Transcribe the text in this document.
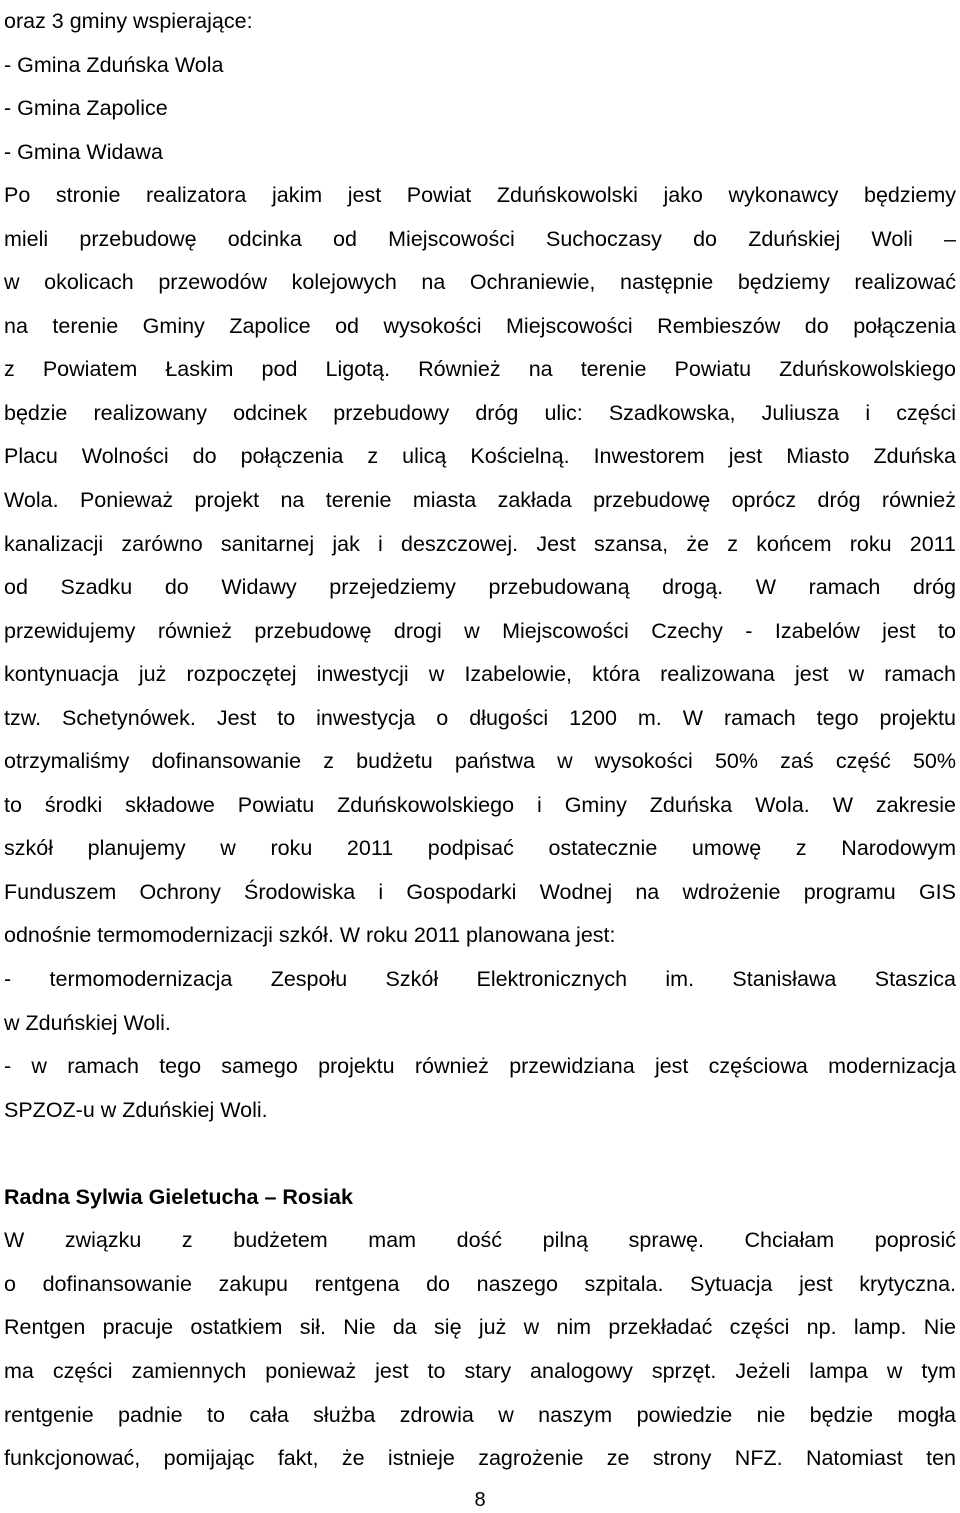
oraz 3 gminy wspierające:
- Gmina Zduńska Wola
- Gmina Zapolice
- Gmina Widawa
Po stronie realizatora jakim jest Powiat Zduńskowolski jako wykonawcy będziemy
mieli przebudowę odcinka od Miejscowości Suchoczasy do Zduńskiej Woli –
w okolicach przewodów kolejowych na Ochraniewie, następnie będziemy realizować
na terenie Gminy Zapolice od wysokości Miejscowości Rembieszów do połączenia
z Powiatem Łaskim pod Ligotą. Również na terenie Powiatu Zduńskowolskiego
będzie realizowany odcinek przebudowy dróg ulic: Szadkowska, Juliusza i części
Placu Wolności do połączenia z ulicą Kościelną. Inwestorem jest Miasto Zduńska
Wola. Ponieważ projekt na terenie miasta zakłada przebudowę oprócz dróg również
kanalizacji zarówno sanitarnej jak i deszczowej. Jest szansa, że z końcem roku 2011
od Szadku do Widawy przejedziemy przebudowaną drogą. W ramach dróg
przewidujemy również przebudowę drogi w Miejscowości Czechy - Izabelów jest to
kontynuacja już rozpoczętej inwestycji w Izabelowie, która realizowana jest w ramach
tzw. Schetynówek. Jest to inwestycja o długości 1200 m. W ramach tego projektu
otrzymaliśmy dofinansowanie z budżetu państwa w wysokości 50% zaś część 50%
to środki składowe Powiatu Zduńskowolskiego i Gminy Zduńska Wola. W zakresie
szkół planujemy w roku 2011 podpisać ostatecznie umowę z Narodowym
Funduszem Ochrony Środowiska i Gospodarki Wodnej na wdrożenie programu GIS
odnośnie termomodernizacji szkół. W roku 2011 planowana jest:
- termomodernizacja Zespołu Szkół Elektronicznych im. Stanisława Staszica
w Zduńskiej Woli.
- w ramach tego samego projektu również przewidziana jest częściowa modernizacja
SPZOZ-u w Zduńskiej Woli.
Radna Sylwia Gieletucha – Rosiak
W związku z budżetem mam dość pilną sprawę. Chciałam poprosić
o dofinansowanie zakupu rentgena do naszego szpitala. Sytuacja jest krytyczna.
Rentgen pracuje ostatkiem sił. Nie da się już w nim przekładać części np. lamp. Nie
ma części zamiennych ponieważ jest to stary analogowy sprzęt. Jeżeli lampa w tym
rentgenie padnie to cała służba zdrowia w naszym powiedzie nie będzie mogła
funkcjonować, pomijając fakt, że istnieje zagrożenie ze strony NFZ. Natomiast ten
8
